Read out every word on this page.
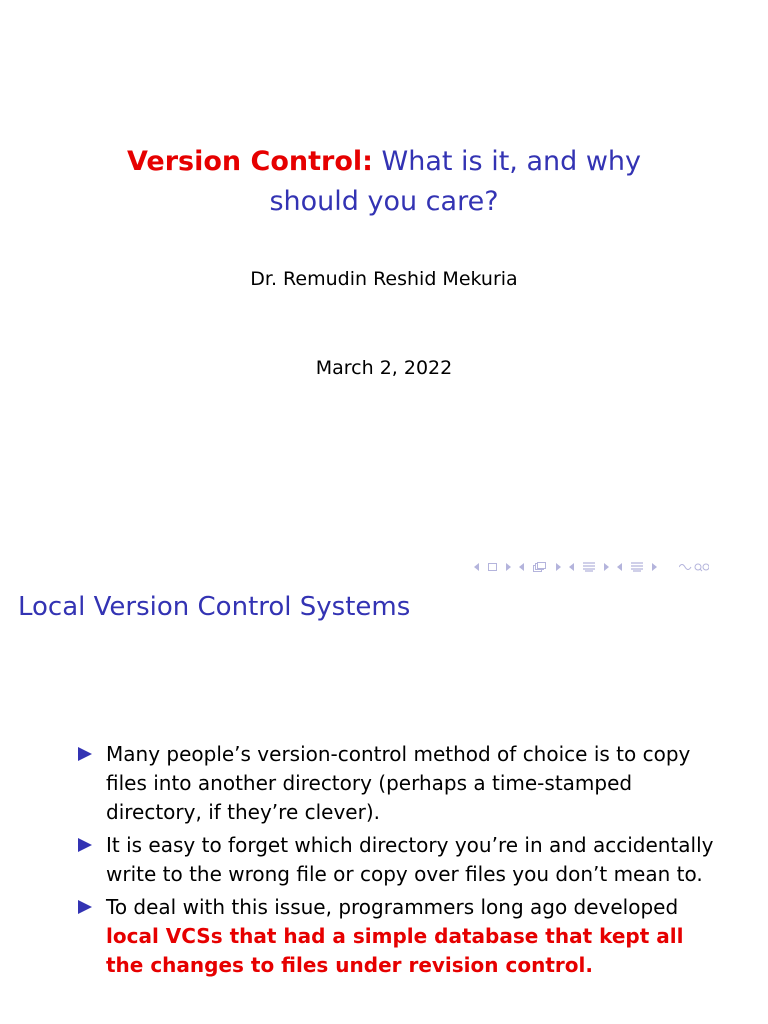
Version Control: What is it, and why should you care?
Dr. Remudin Reshid Mekuria
March 2, 2022
Local Version Control Systems
Many people’s version-control method of choice is to copy files into another directory (perhaps a time-stamped directory, if they’re clever).
It is easy to forget which directory you’re in and accidentally write to the wrong file or copy over files you don’t mean to.
To deal with this issue, programmers long ago developed local VCSs that had a simple database that kept all the changes to files under revision control.
